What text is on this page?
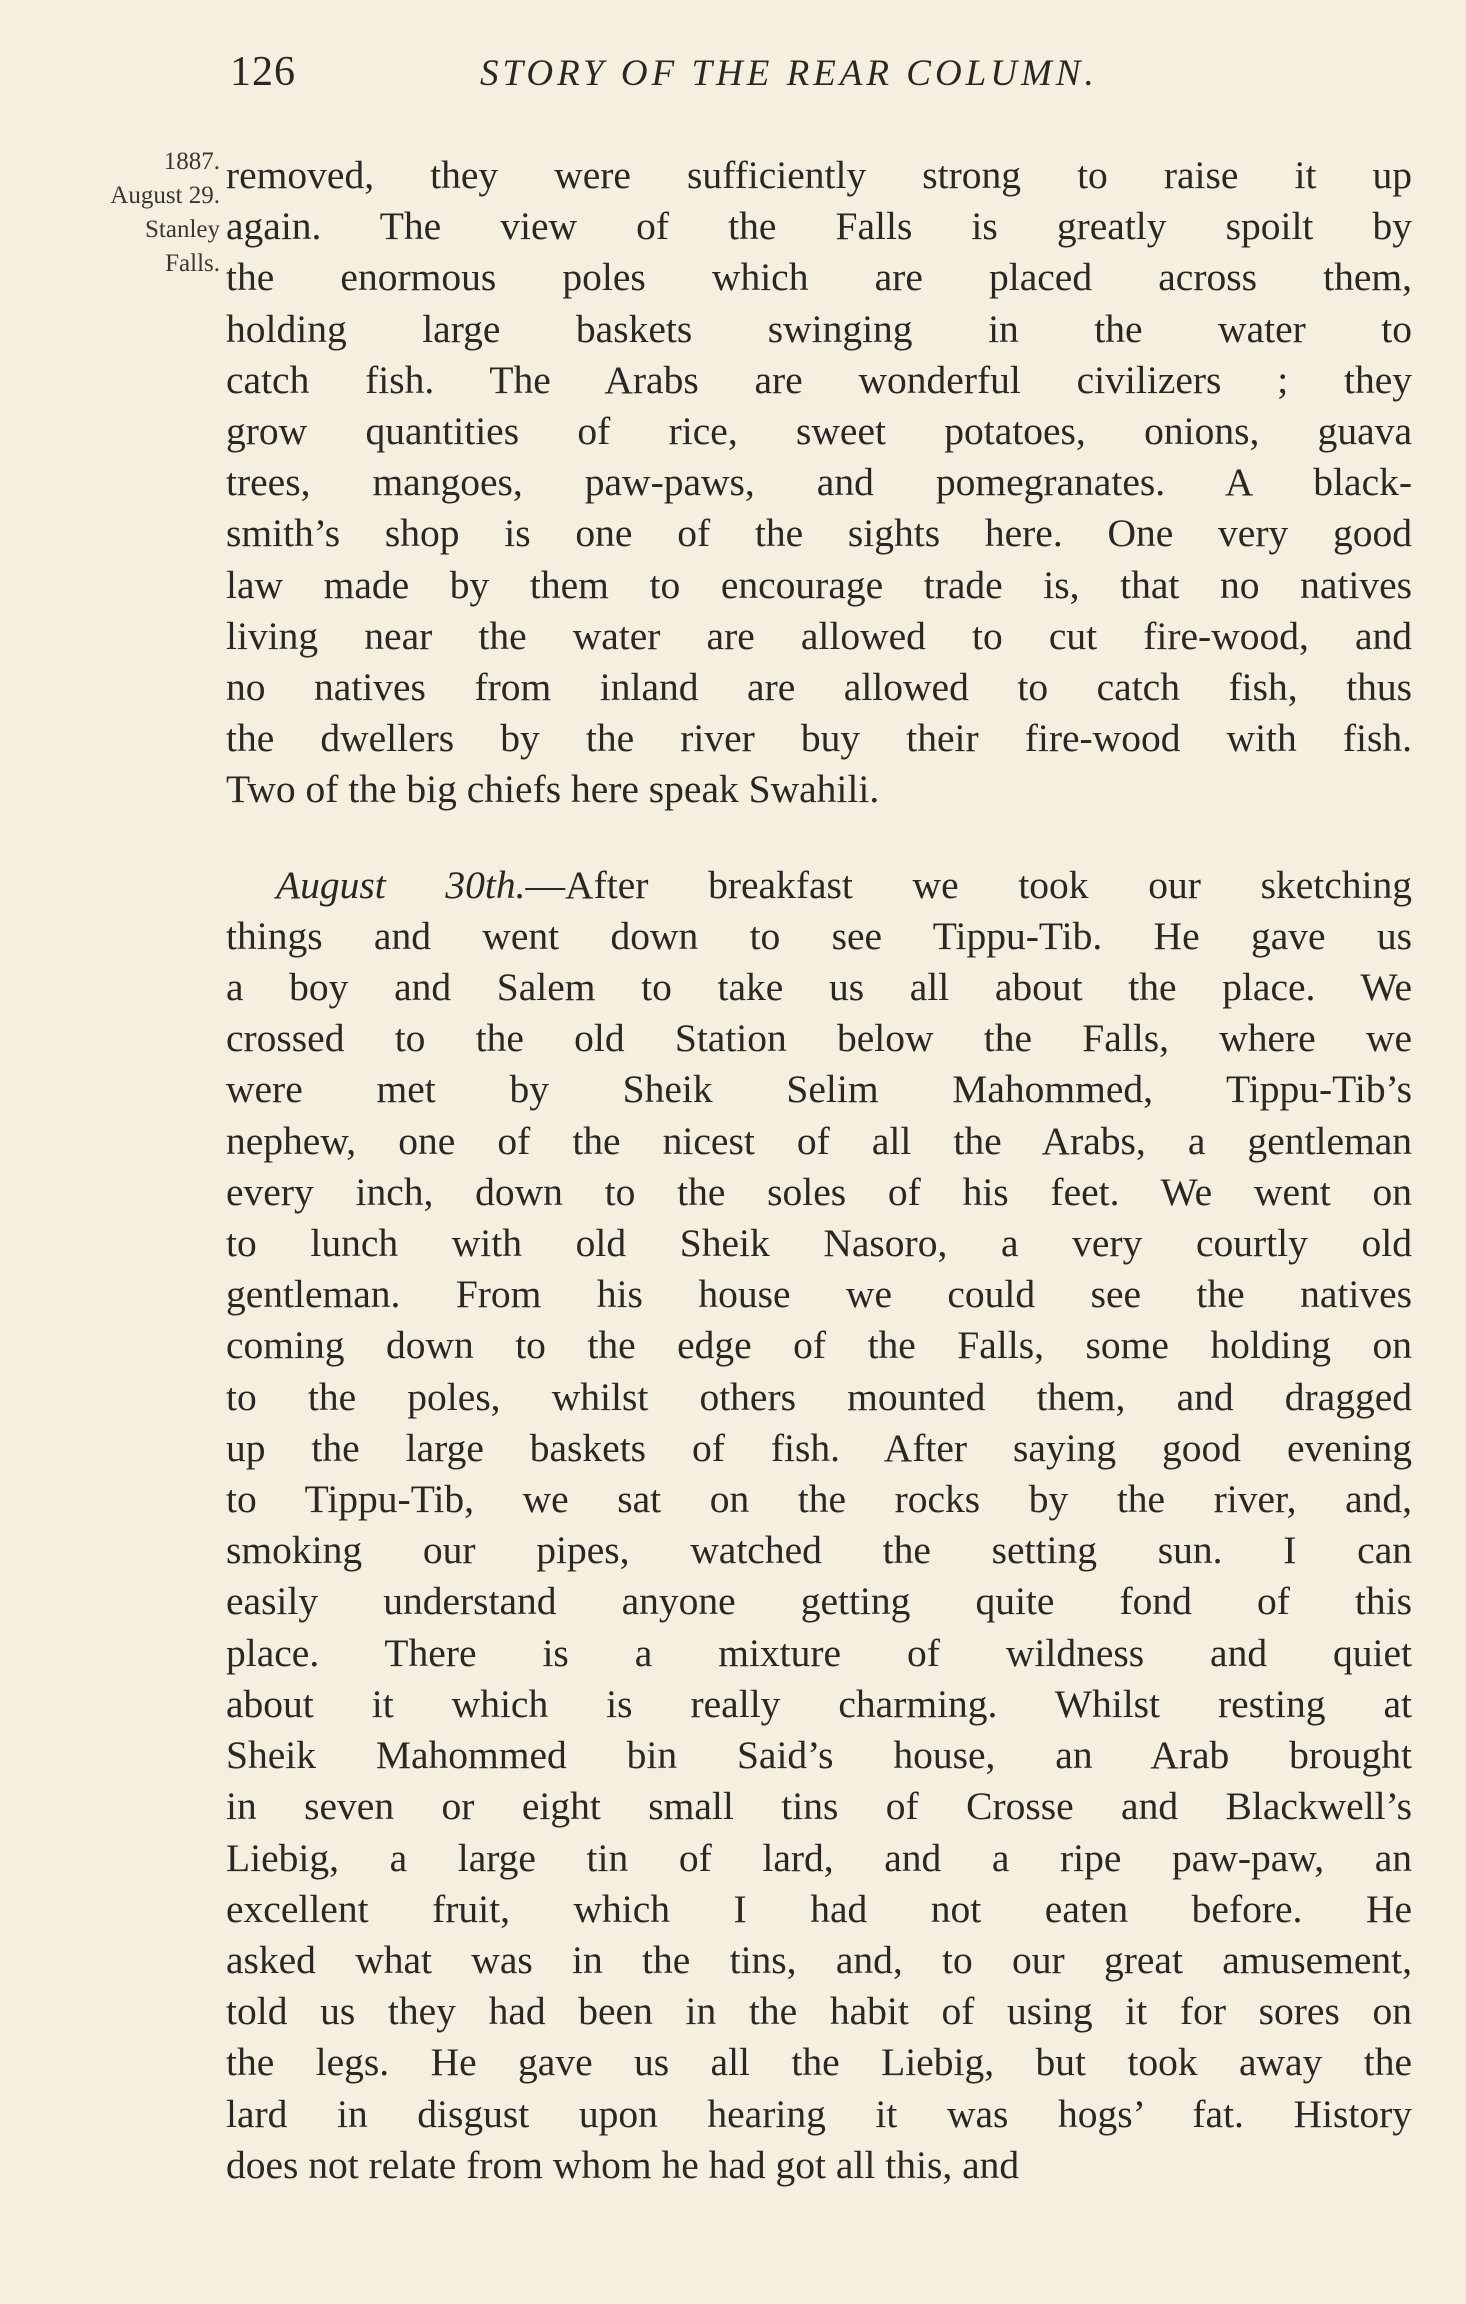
126	STORY OF THE REAR COLUMN.
1887.
August 29.
Stanley
Falls.
removed, they were sufficiently strong to raise it up
again. The view of the Falls is greatly spoilt by
the enormous poles which are placed across them,
holding large baskets swinging in the water to
catch fish. The Arabs are wonderful civilizers ; they
grow quantities of rice, sweet potatoes, onions, guava
trees, mangoes, paw-paws, and pomegranates. A black-
smith’s shop is one of the sights here. One very good
law made by them to encourage trade is, that no natives
living near the water are allowed to cut fire-wood, and
no natives from inland are allowed to catch fish, thus
the dwellers by the river buy their fire-wood with fish.
Two of the big chiefs here speak Swahili.
August 30th.—After breakfast we took our sketching
things and went down to see Tippu-Tib. He gave us
a boy and Salem to take us all about the place. We
crossed to the old Station below the Falls, where we
were met by Sheik Selim Mahommed, Tippu-Tib’s
nephew, one of the nicest of all the Arabs, a gentleman
every inch, down to the soles of his feet. We went on
to lunch with old Sheik Nasoro, a very courtly old
gentleman. From his house we could see the natives
coming down to the edge of the Falls, some holding on
to the poles, whilst others mounted them, and dragged
up the large baskets of fish. After saying good evening
to Tippu-Tib, we sat on the rocks by the river, and,
smoking our pipes, watched the setting sun. I can
easily understand anyone getting quite fond of this
place. There is a mixture of wildness and quiet
about it which is really charming. Whilst resting at
Sheik Mahommed bin Said’s house, an Arab brought
in seven or eight small tins of Crosse and Blackwell’s
Liebig, a large tin of lard, and a ripe paw-paw, an
excellent fruit, which I had not eaten before. He
asked what was in the tins, and, to our great amusement,
told us they had been in the habit of using it for sores on
the legs. He gave us all the Liebig, but took away the
lard in disgust upon hearing it was hogs’ fat. History
does not relate from whom he had got all this, and
